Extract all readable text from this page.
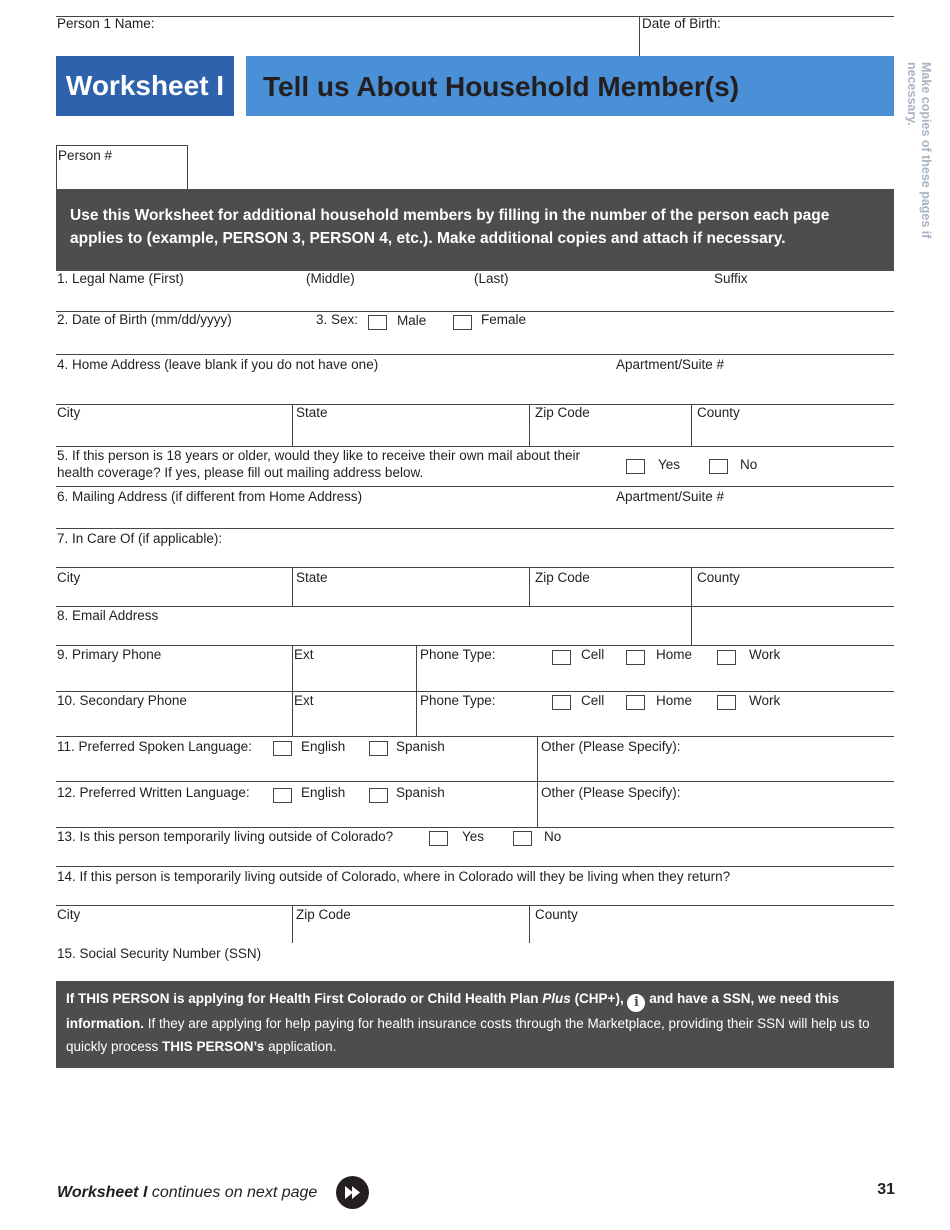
Person 1 Name:	Date of Birth:
Worksheet I	Tell us About Household Member(s)	Make copies of these pages if necessary.
Person #
Use this Worksheet for additional household members by filling in the number of the person each page applies to (example, PERSON 3, PERSON 4, etc.). Make additional copies and attach if necessary.
1. Legal Name (First)	(Middle)	(Last)	Suffix
2. Date of Birth (mm/dd/yyyy)	3. Sex:	Male	Female
4. Home Address (leave blank if you do not have one)	Apartment/Suite #
City	State	Zip Code	County
5. If this person is 18 years or older, would they like to receive their own mail about their
health coverage? If yes, please fill out mailing address below.
Yes	No
6. Mailing Address (if different from Home Address)	Apartment/Suite #
7. In Care Of (if applicable):
City	State	Zip Code	County
8. Email Address
9. Primary Phone	Ext	Phone Type:	Cell	Home	Work
10. Secondary Phone	Ext	Phone Type:	Cell	Home	Work
11. Preferred Spoken Language:	English	Spanish	Other (Please Specify):
12. Preferred Written Language:	English	Spanish	Other (Please Specify):
13. Is this person temporarily living outside of Colorado?	Yes	No
14. If this person is temporarily living outside of Colorado, where in Colorado will they be living when they return?
City	Zip Code	County
15. Social Security Number (SSN)
If THIS PERSON is applying for Health First Colorado or Child Health Plan Plus (CHP+), i and have a SSN, we need this information. If they are applying for help paying for health insurance costs through the Marketplace, providing their SSN will help us to quickly process THIS PERSON’s application.
Worksheet I continues on next page	31
